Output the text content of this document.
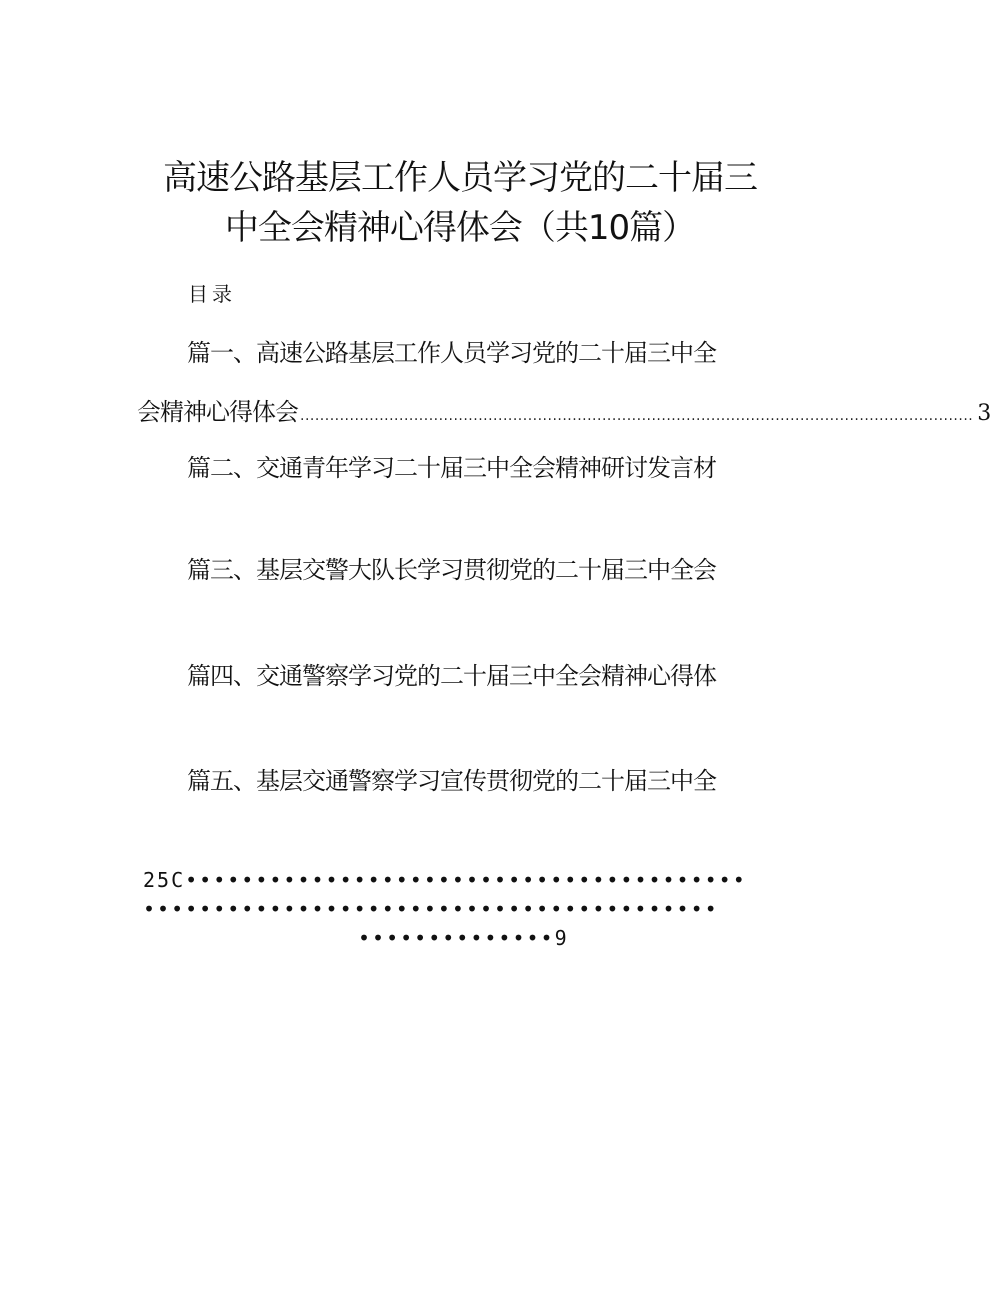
高速公路基层工作人员学习党的二十届三
中全会精神心得体会（共10篇）
目录
篇一、高速公路基层工作人员学习党的二十届三中全
会精神心得体会 ........................................................................................................................................ 3
篇二、交通青年学习二十届三中全会精神研讨发言材
篇三、基层交警大队长学习贯彻党的二十届三中全会
篇四、交通警察学习党的二十届三中全会精神心得体
篇五、基层交通警察学习宣传贯彻党的二十届三中全
25C••••••••••••••••••••••••••••••••••••••••
•••••••••••••••••••••••••••••••••••••••••
••••••••••••••9
